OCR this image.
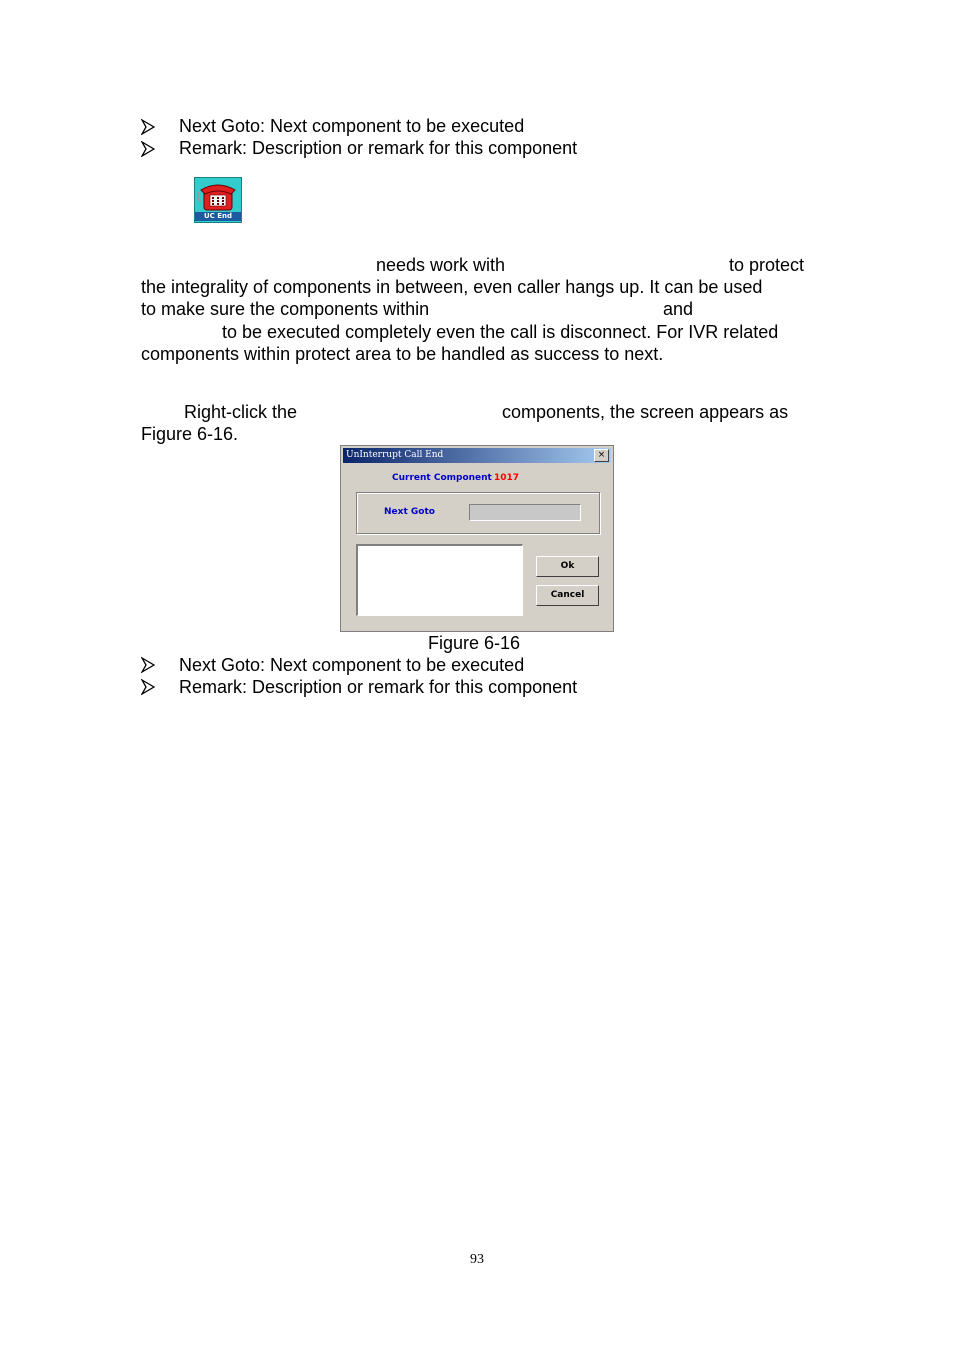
Next Goto: Next component to be executed
Remark: Description or remark for this component
UC End
needs work with	to protect
the integrality of components in between, even caller hangs up. It can be used
to make sure the components within	and
to be executed completely even the call is disconnect. For IVR related
components within protect area to be handled as success to next.
Right-click the	components, the screen appears as
Figure 6-16.
UnInterrupt Call End	×
Current Component 1017
Next Goto
Ok
Cancel
Figure 6-16
Next Goto: Next component to be executed
Remark: Description or remark for this component
93
